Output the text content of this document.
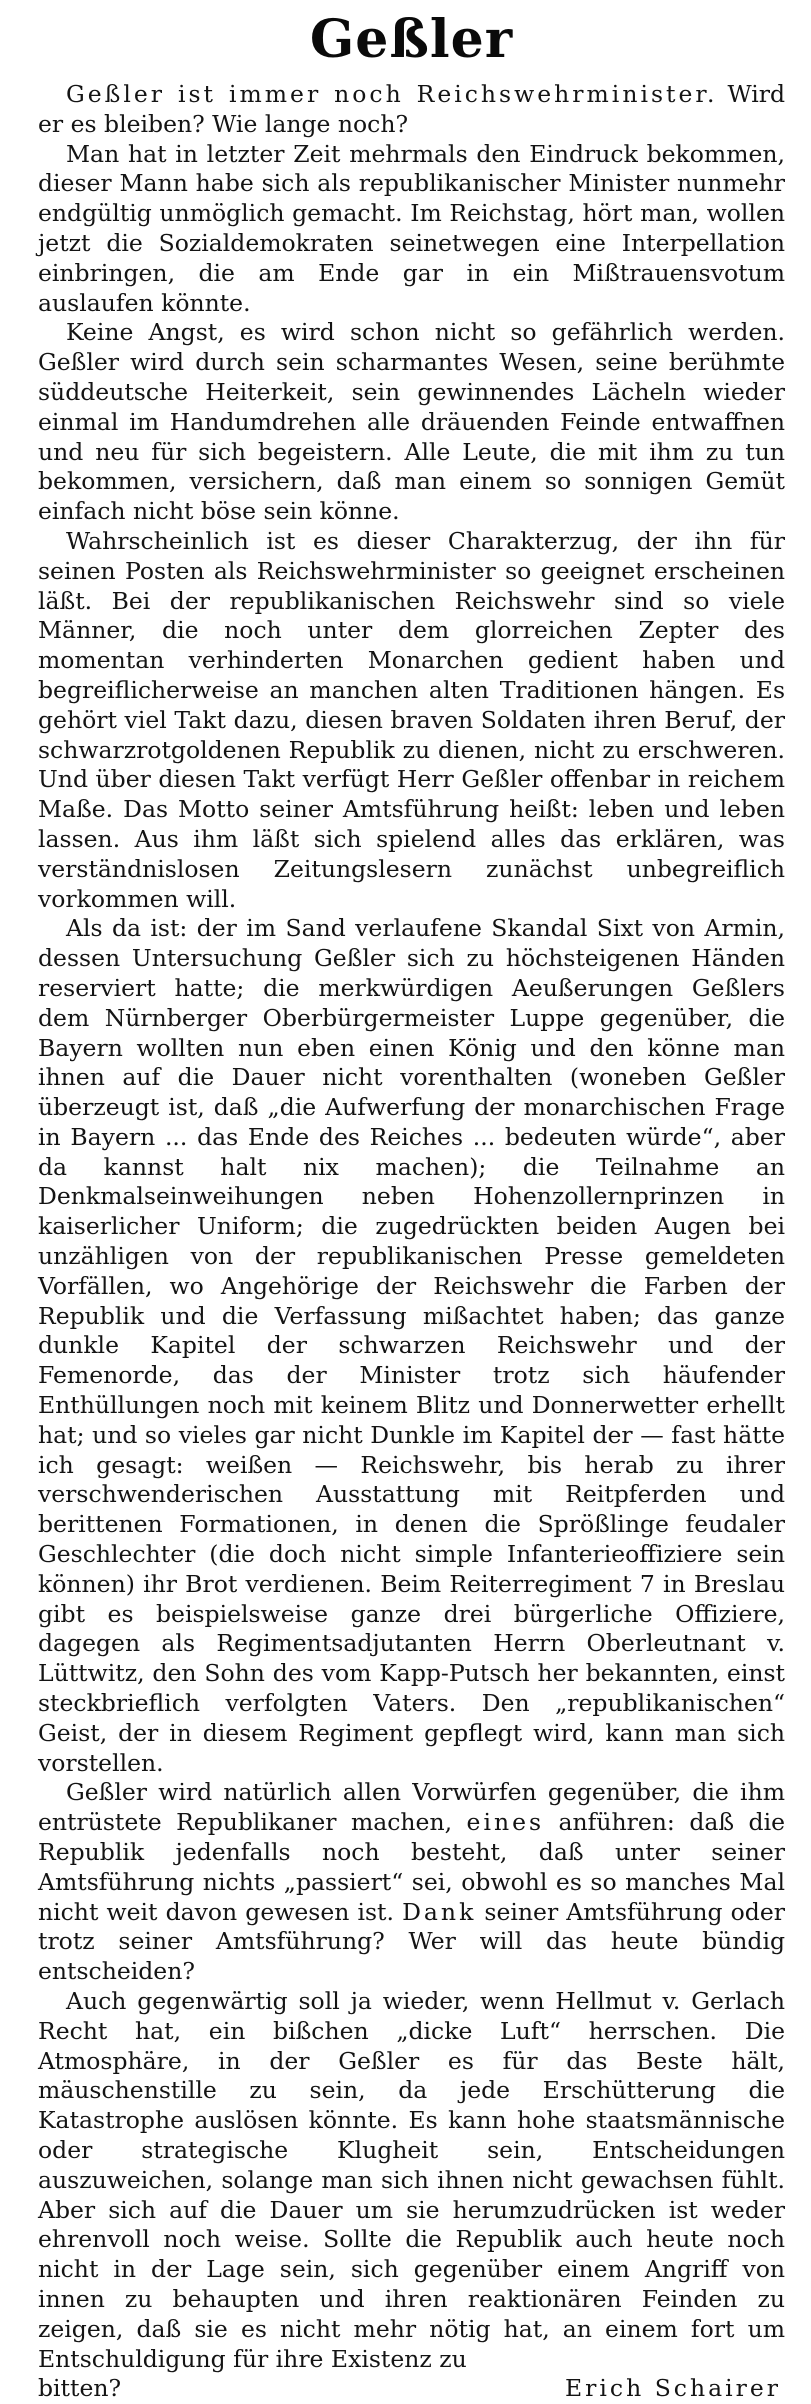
Geßler

Geßler ist immer noch Reichswehrminister. Wird er es bleiben? Wie lange noch?

Man hat in letzter Zeit mehrmals den Eindruck bekommen, dieser Mann habe sich als republikanischer Minister nunmehr endgültig unmöglich gemacht. Im Reichstag, hört man, wollen jetzt die Sozialdemokraten seinetwegen eine Interpellation einbringen, die am Ende gar in ein Mißtrauensvotum auslaufen könnte.

Keine Angst, es wird schon nicht so gefährlich werden. Geßler wird durch sein scharmantes Wesen, seine berühmte süddeutsche Heiterkeit, sein gewinnendes Lächeln wieder einmal im Handumdrehen alle dräuenden Feinde entwaffnen und neu für sich begeistern. Alle Leute, die mit ihm zu tun bekommen, versichern, daß man einem so sonnigen Gemüt einfach nicht böse sein könne.

Wahrscheinlich ist es dieser Charakterzug, der ihn für seinen Posten als Reichswehrminister so geeignet erscheinen läßt. Bei der republikanischen Reichswehr sind so viele Männer, die noch unter dem glorreichen Zepter des momentan verhinderten Monarchen gedient haben und begreiflicherweise an manchen alten Traditionen hängen. Es gehört viel Takt dazu, diesen braven Soldaten ihren Beruf, der schwarzrotgoldenen Republik zu dienen, nicht zu erschweren. Und über diesen Takt verfügt Herr Geßler offenbar in reichem Maße. Das Motto seiner Amtsführung heißt: leben und leben lassen. Aus ihm läßt sich spielend alles das erklären, was verständnislosen Zeitungslesern zunächst unbegreiflich vorkommen will.

Als da ist: der im Sand verlaufene Skandal Sixt von Armin, dessen Untersuchung Geßler sich zu höchsteigenen Händen reserviert hatte; die merkwürdigen Aeußerungen Geßlers dem Nürnberger Oberbürgermeister Luppe gegenüber, die Bayern wollten nun eben einen König und den könne man ihnen auf die Dauer nicht vorenthalten (woneben Geßler überzeugt ist, daß „die Aufwerfung der monarchischen Frage in Bayern ... das Ende des Reiches ... bedeuten würde“, aber da kannst halt nix machen); die Teilnahme an Denkmalseinweihungen neben Hohenzollernprinzen in kaiserlicher Uniform; die zugedrückten beiden Augen bei unzähligen von der republikanischen Presse gemeldeten Vorfällen, wo Angehörige der Reichswehr die Farben der Republik und die Verfassung mißachtet haben; das ganze dunkle Kapitel der schwarzen Reichswehr und der Femenorde, das der Minister trotz sich häufender Enthüllungen noch mit keinem Blitz und Donnerwetter erhellt hat; und so vieles gar nicht Dunkle im Kapitel der — fast hätte ich gesagt: weißen — Reichswehr, bis herab zu ihrer verschwenderischen Ausstattung mit Reitpferden und berittenen Formationen, in denen die Sprößlinge feudaler Geschlechter (die doch nicht simple Infanterieoffiziere sein können) ihr Brot verdienen. Beim Reiterregiment 7 in Breslau gibt es beispielsweise ganze drei bürgerliche Offiziere, dagegen als Regimentsadjutanten Herrn Oberleutnant v. Lüttwitz, den Sohn des vom Kapp-Putsch her bekannten, einst steckbrieflich verfolgten Vaters. Den „republikanischen“ Geist, der in diesem Regiment gepflegt wird, kann man sich vorstellen.

Geßler wird natürlich allen Vorwürfen gegenüber, die ihm entrüstete Republikaner machen, eines anführen: daß die Republik jedenfalls noch besteht, daß unter seiner Amtsführung nichts „passiert“ sei, obwohl es so manches Mal nicht weit davon gewesen ist. Dank seiner Amtsführung oder trotz seiner Amtsführung? Wer will das heute bündig entscheiden?

Auch gegenwärtig soll ja wieder, wenn Hellmut v. Gerlach Recht hat, ein bißchen „dicke Luft“ herrschen. Die Atmosphäre, in der Geßler es für das Beste hält, mäuschenstille zu sein, da jede Erschütterung die Katastrophe auslösen könnte. Es kann hohe staatsmännische oder strategische Klugheit sein, Entscheidungen auszuweichen, solange man sich ihnen nicht gewachsen fühlt. Aber sich auf die Dauer um sie herumzudrücken ist weder ehrenvoll noch weise. Sollte die Republik auch heute noch nicht in der Lage sein, sich gegenüber einem Angriff von innen zu behaupten und ihren reaktionären Feinden zu zeigen, daß sie es nicht mehr nötig hat, an einem fort um Entschuldigung für ihre Existenz zu

bitten?	Erich Schairer
